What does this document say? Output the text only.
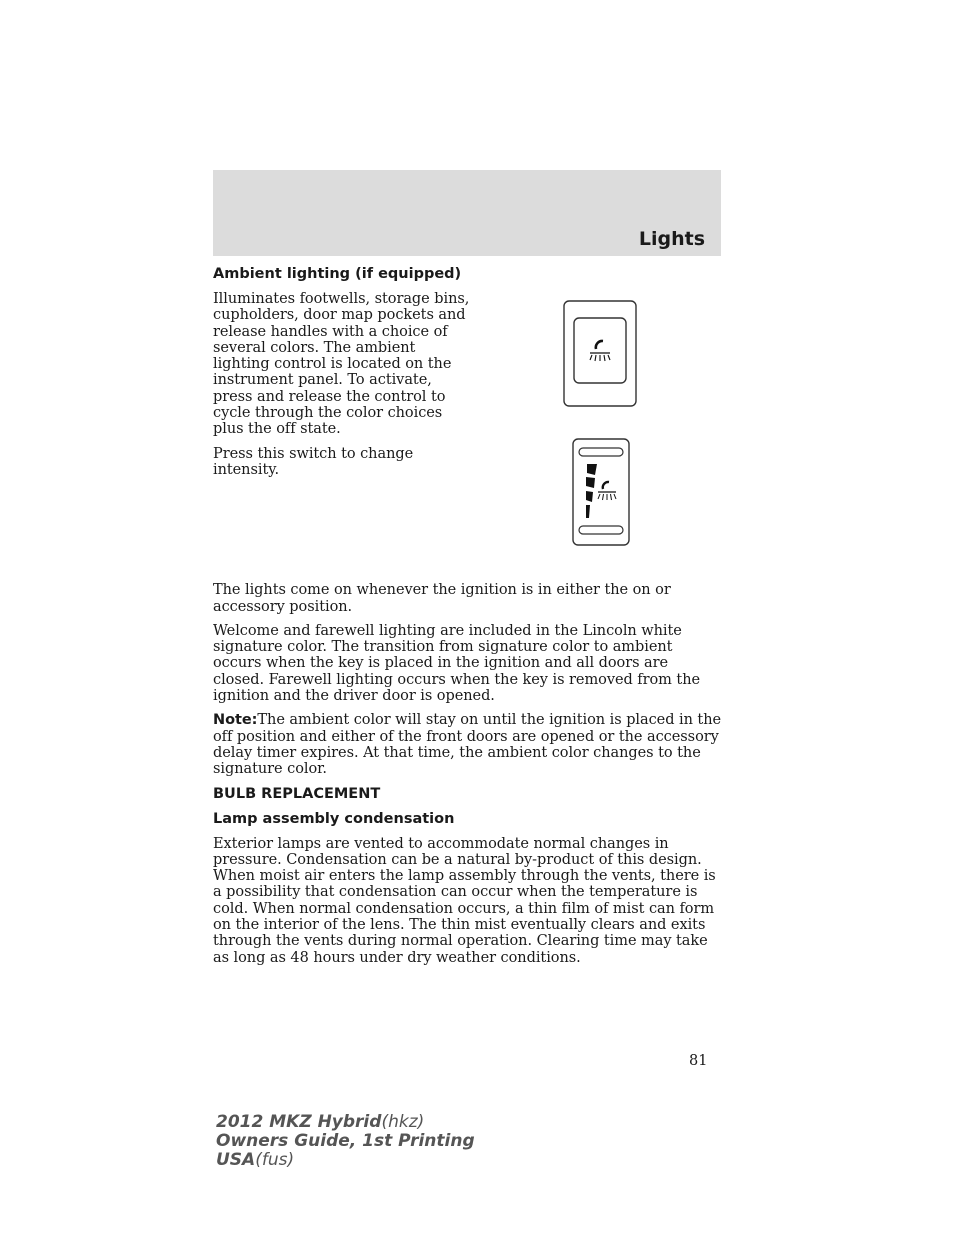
Lights
Ambient lighting (if equipped)
Illuminates footwells, storage bins, cupholders, door map pockets and release handles with a choice of several colors. The ambient lighting control is located on the instrument panel. To activate, press and release the control to cycle through the color choices plus the off state.
Press this switch to change intensity.
The lights come on whenever the ignition is in either the on or accessory position.
Welcome and farewell lighting are included in the Lincoln white signature color. The transition from signature color to ambient occurs when the key is placed in the ignition and all doors are closed. Farewell lighting occurs when the key is removed from the ignition and the driver door is opened.
Note:The ambient color will stay on until the ignition is placed in the off position and either of the front doors are opened or the accessory delay timer expires. At that time, the ambient color changes to the signature color.
BULB REPLACEMENT
Lamp assembly condensation
Exterior lamps are vented to accommodate normal changes in pressure. Condensation can be a natural by-product of this design. When moist air enters the lamp assembly through the vents, there is a possibility that condensation can occur when the temperature is cold. When normal condensation occurs, a thin film of mist can form on the interior of the lens. The thin mist eventually clears and exits through the vents during normal operation. Clearing time may take as long as 48 hours under dry weather conditions.
81
2012 MKZ Hybrid(hkz)
Owners Guide, 1st Printing
USA(fus)
